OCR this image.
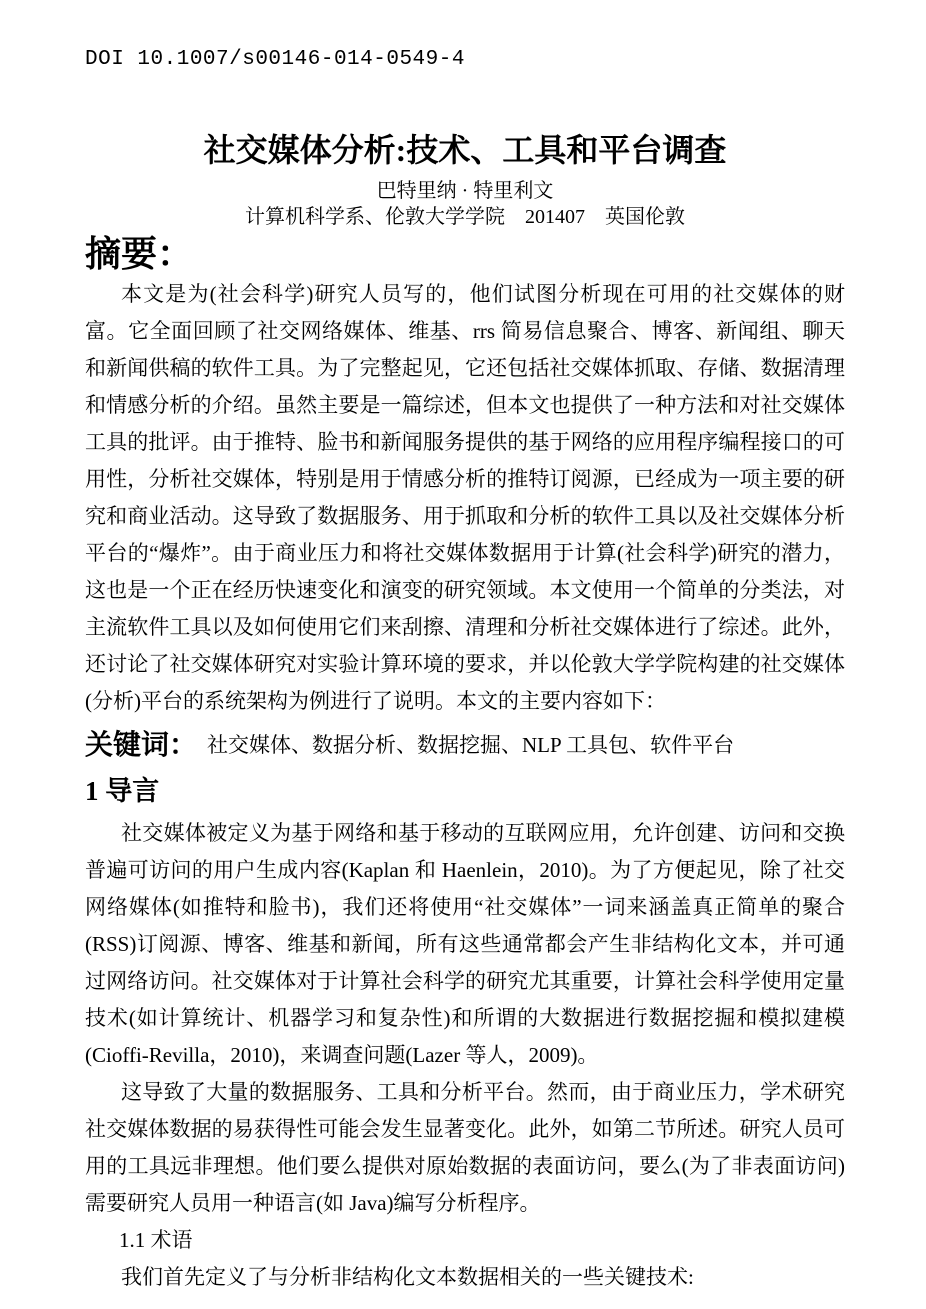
DOI 10.1007/s00146-014-0549-4
社交媒体分析:技术、工具和平台调查
巴特里纳 · 特里利文
计算机科学系、伦敦大学学院　201407　英国伦敦
摘要：

本文是为(社会科学)研究人员写的，他们试图分析现在可用的社交媒体的财富。它全面回顾了社交网络媒体、维基、rrs 简易信息聚合、博客、新闻组、聊天和新闻供稿的软件工具。为了完整起见，它还包括社交媒体抓取、存储、数据清理和情感分析的介绍。虽然主要是一篇综述，但本文也提供了一种方法和对社交媒体工具的批评。由于推特、脸书和新闻服务提供的基于网络的应用程序编程接口的可用性，分析社交媒体，特别是用于情感分析的推特订阅源，已经成为一项主要的研究和商业活动。这导致了数据服务、用于抓取和分析的软件工具以及社交媒体分析平台的“爆炸”。由于商业压力和将社交媒体数据用于计算(社会科学)研究的潜力，这也是一个正在经历快速变化和演变的研究领域。本文使用一个简单的分类法，对主流软件工具以及如何使用它们来刮擦、清理和分析社交媒体进行了综述。此外，还讨论了社交媒体研究对实验计算环境的要求，并以伦敦大学学院构建的社交媒体(分析)平台的系统架构为例进行了说明。本文的主要内容如下：

关键词： 社交媒体、数据分析、数据挖掘、NLP 工具包、软件平台
1 导言

社交媒体被定义为基于网络和基于移动的互联网应用，允许创建、访问和交换普遍可访问的用户生成内容(Kaplan 和 Haenlein，2010)。为了方便起见，除了社交网络媒体(如推特和脸书)，我们还将使用“社交媒体”一词来涵盖真正简单的聚合(RSS)订阅源、博客、维基和新闻，所有这些通常都会产生非结构化文本，并可通过网络访问。社交媒体对于计算社会科学的研究尤其重要，计算社会科学使用定量技术(如计算统计、机器学习和复杂性)和所谓的大数据进行数据挖掘和模拟建模(Cioffi-Revilla，2010)，来调查问题(Lazer 等人，2009)。

这导致了大量的数据服务、工具和分析平台。然而，由于商业压力，学术研究社交媒体数据的易获得性可能会发生显著变化。此外，如第二节所述。研究人员可用的工具远非理想。他们要么提供对原始数据的表面访问，要么(为了非表面访问)需要研究人员用一种语言(如 Java)编写分析程序。

1.1 术语

我们首先定义了与分析非结构化文本数据相关的一些关键技术:
